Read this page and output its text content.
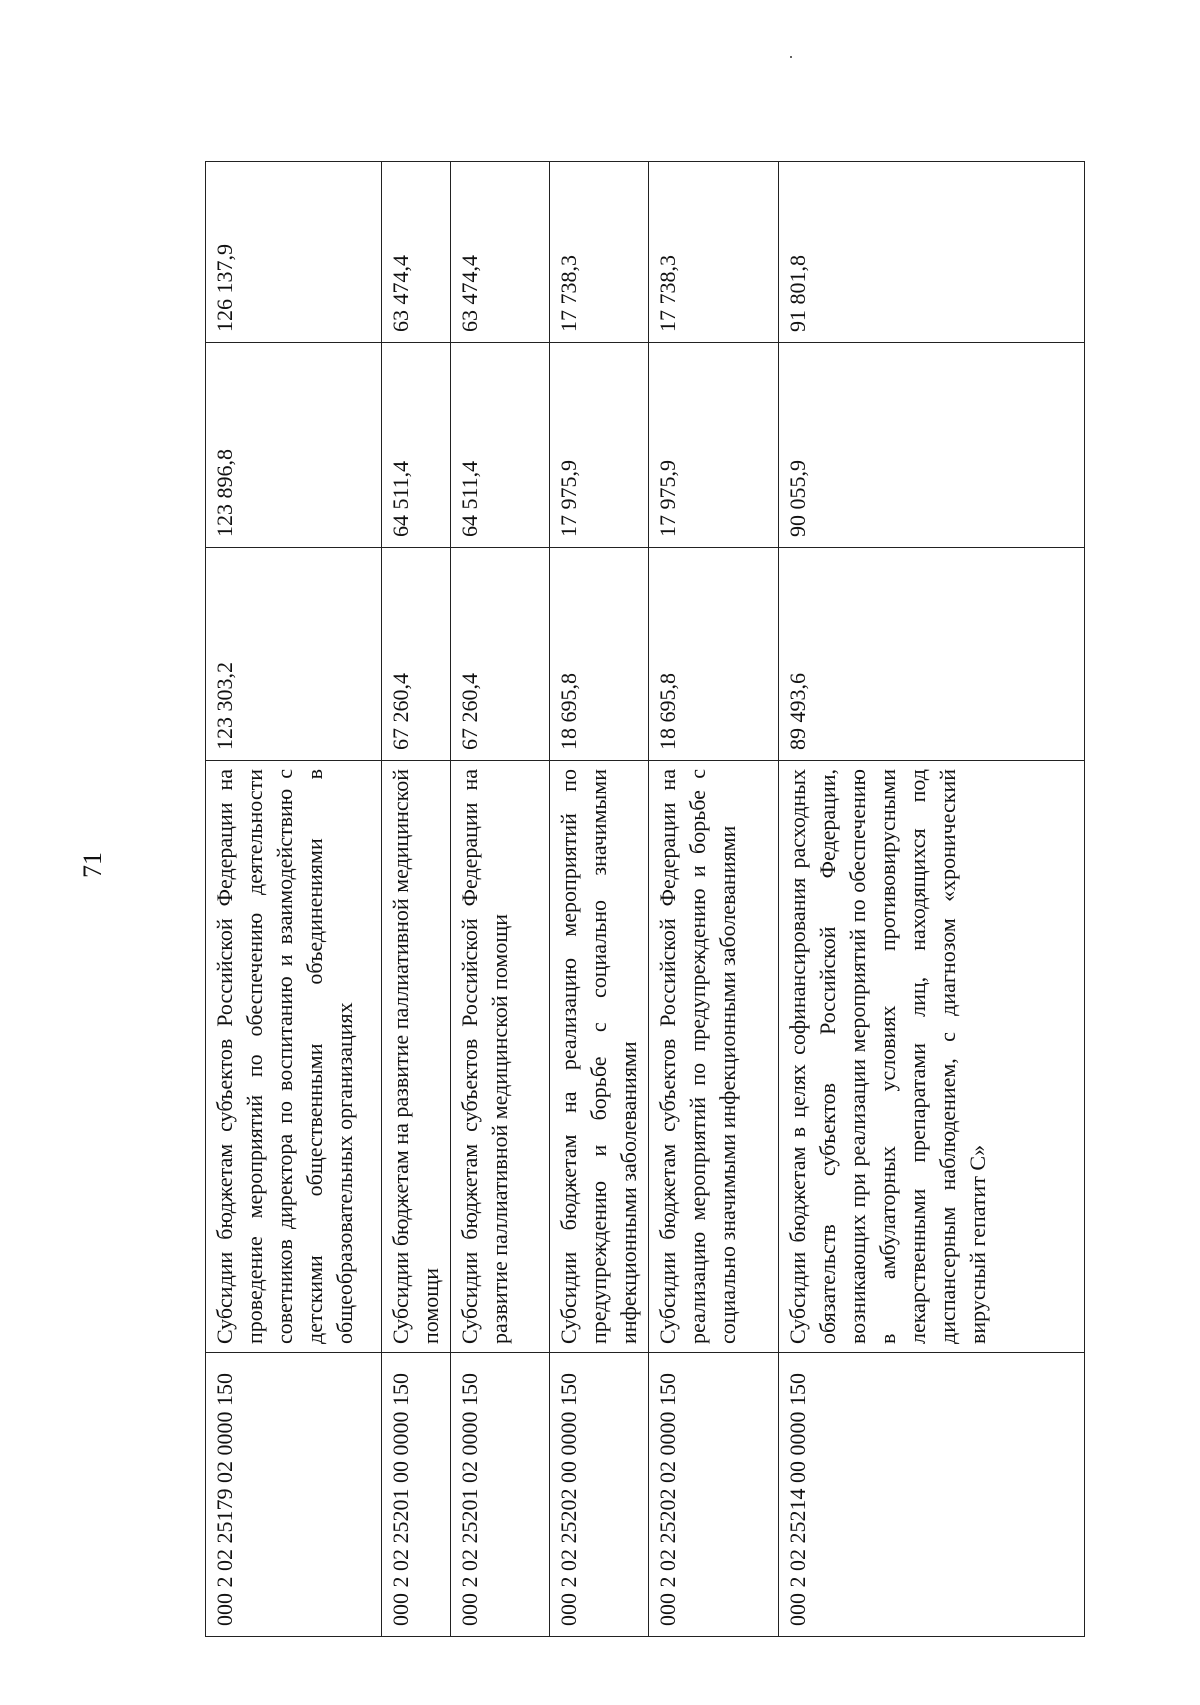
71
000 2 02 25179 02 0000 150	Субсидии бюджетам субъектов Российской Федерации на проведение мероприятий по обеспечению деятельности советников директора по воспитанию и взаимодействию с детскими общественными объединениями в общеобразовательных организациях	123 303,2	123 896,8	126 137,9
000 2 02 25201 00 0000 150	Субсидии бюджетам на развитие паллиативной медицинской помощи	67 260,4	64 511,4	63 474,4
000 2 02 25201 02 0000 150	Субсидии бюджетам субъектов Российской Федерации на развитие паллиативной медицинской помощи	67 260,4	64 511,4	63 474,4
000 2 02 25202 00 0000 150	Субсидии бюджетам на реализацию мероприятий по предупреждению и борьбе с социально значимыми инфекционными заболеваниями	18 695,8	17 975,9	17 738,3
000 2 02 25202 02 0000 150	Субсидии бюджетам субъектов Российской Федерации на реализацию мероприятий по предупреждению и борьбе с социально значимыми инфекционными заболеваниями	18 695,8	17 975,9	17 738,3
000 2 02 25214 00 0000 150	Субсидии бюджетам в целях софинансирования расходных обязательств субъектов Российской Федерации, возникающих при реализации мероприятий по обеспечению в амбулаторных условиях противовирусными лекарственными препаратами лиц, находящихся под диспансерным наблюдением, с диагнозом «хронический вирусный гепатит С»	89 493,6	90 055,9	91 801,8
